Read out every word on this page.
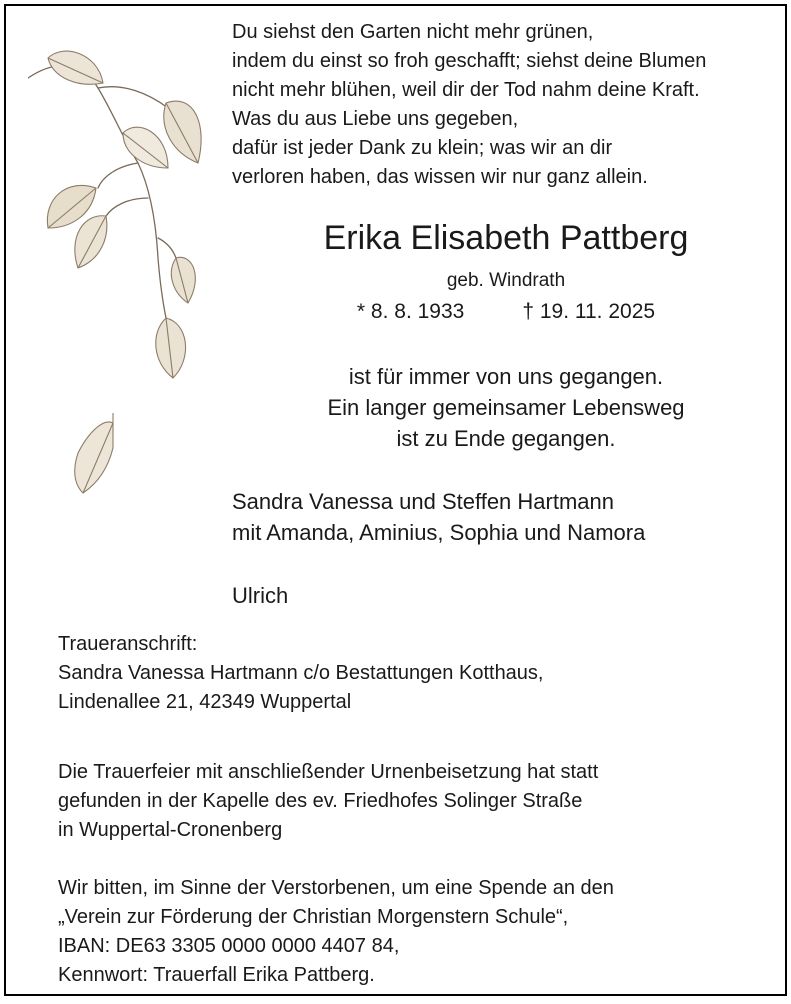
Du siehst den Garten nicht mehr grünen,
indem du einst so froh geschafft; siehst deine Blumen
nicht mehr blühen, weil dir der Tod nahm deine Kraft.
Was du aus Liebe uns gegeben,
dafür ist jeder Dank zu klein; was wir an dir
verloren haben, das wissen wir nur ganz allein.
Erika Elisabeth Pattberg
geb. Windrath
* 8. 8. 1933	† 19. 11. 2025
ist für immer von uns gegangen.
Ein langer gemeinsamer Lebensweg
ist zu Ende gegangen.
Sandra Vanessa und Steffen Hartmann
mit Amanda, Aminius, Sophia und Namora
Ulrich
Traueranschrift:
Sandra Vanessa Hartmann c/o Bestattungen Kotthaus,
Lindenallee 21, 42349 Wuppertal
Die Trauerfeier mit anschließender Urnenbeisetzung hat statt
gefunden in der Kapelle des ev. Friedhofes Solinger Straße
in Wuppertal-Cronenberg
Wir bitten, im Sinne der Verstorbenen, um eine Spende an den
„Verein zur Förderung der Christian Morgenstern Schule“,
IBAN: DE63 3305 0000 0000 4407 84,
Kennwort: Trauerfall Erika Pattberg.
